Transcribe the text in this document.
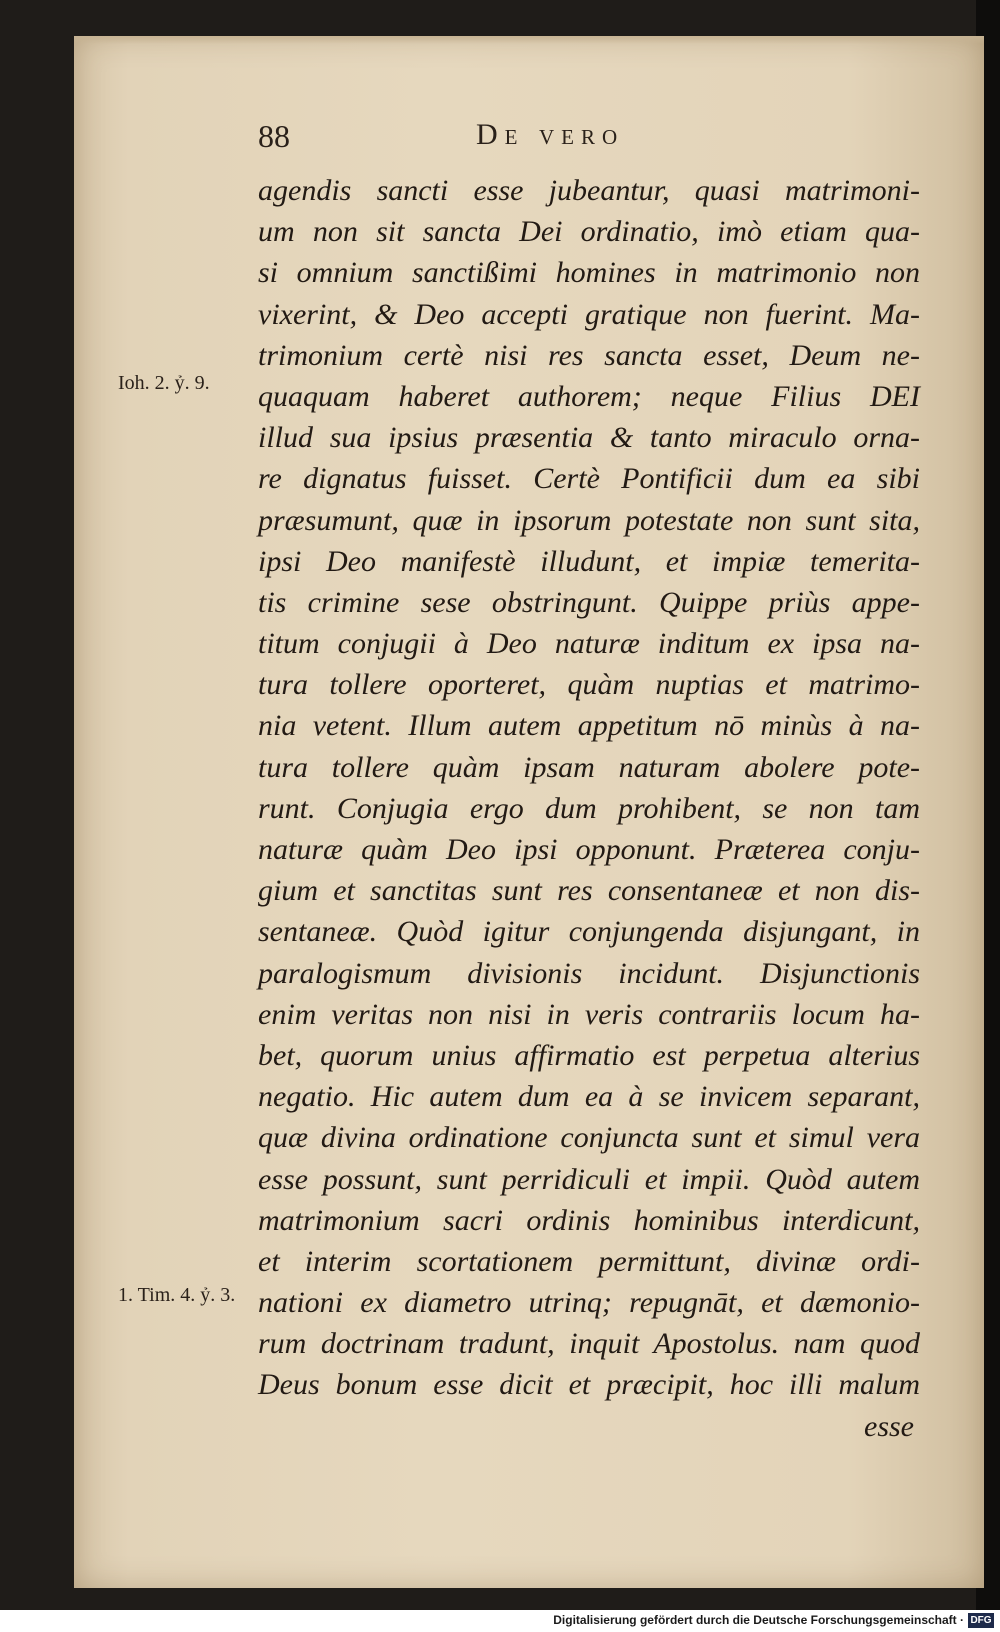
88	De vero
Ioh. 2. ỷ. 9.
1. Tim. 4. ỷ. 3.
agendis sancti esse jubeantur, quasi matrimoni-
um non sit sancta Dei ordinatio, imò etiam qua-
si omnium sanctißimi homines in matrimonio non
vixerint, & Deo accepti gratique non fuerint. Ma-
trimonium certè nisi res sancta esset, Deum ne-
quaquam haberet authorem; neque Filius DEI
illud sua ipsius præsentia & tanto miraculo orna-
re dignatus fuisset. Certè Pontificii dum ea sibi
præsumunt, quæ in ipsorum potestate non sunt sita,
ipsi Deo manifestè illudunt, et impiæ temerita-
tis crimine sese obstringunt. Quippe priùs appe-
titum conjugii à Deo naturæ inditum ex ipsa na-
tura tollere oporteret, quàm nuptias et matrimo-
nia vetent. Illum autem appetitum nō minùs à na-
tura tollere quàm ipsam naturam abolere pote-
runt. Conjugia ergo dum prohibent, se non tam
naturæ quàm Deo ipsi opponunt. Præterea conju-
gium et sanctitas sunt res consentaneæ et non dis-
sentaneæ. Quòd igitur conjungenda disjungant, in
paralogismum divisionis incidunt. Disjunctionis
enim veritas non nisi in veris contrariis locum ha-
bet, quorum unius affirmatio est perpetua alterius
negatio. Hic autem dum ea à se invicem separant,
quæ divina ordinatione conjuncta sunt et simul vera
esse possunt, sunt perridiculi et impii. Quòd autem
matrimonium sacri ordinis hominibus interdicunt,
et interim scortationem permittunt, divinæ ordi-
nationi ex diametro utrinq; repugnāt, et dæmonio-
rum doctrinam tradunt, inquit Apostolus. nam quod
Deus bonum esse dicit et præcipit, hoc illi malum
esse
Digitalisierung gefördert durch die Deutsche Forschungsgemeinschaft · DFG
